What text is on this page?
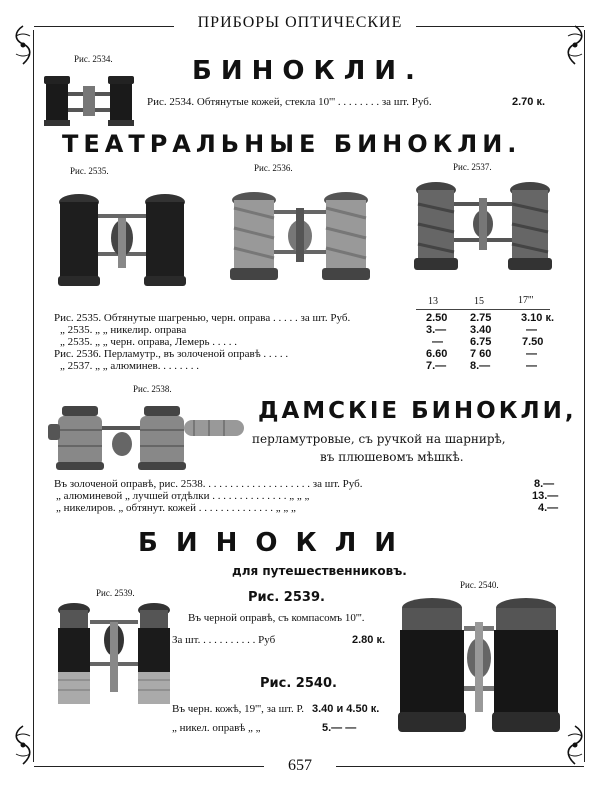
ПРИБОРЫ ОПТИЧЕСКИЕ
657
Рис. 2534.	БИНОКЛИ.
Рис. 2534. Обтянутые кожей, стекла 10''' . . . . . . . . за шт. Руб.	2.70 к.
ТЕАТРАЛЬНЫЕ БИНОКЛИ.
Рис. 2535.	Рис. 2536.	Рис. 2537.
13	15	17'''
Рис. 2535. Обтянутые шагренью, черн. оправа . . . . . за шт. Руб.	2.50 2.75	3.10 к.
„ 2535. „ „ никелир. оправа	3.— 3.40	—
„ 2535. „ „ черн. оправа, Лемерь . . . . .	— 6.75	7.50
Рис. 2536. Перламутр., въ золоченой оправѣ . . . . .	6.60 7 60	—
„ 2537. „ „ алюминев. . . . . . . .	7.— 8.—	—
Рис. 2538.
ДАМСКIЕ БИНОКЛИ,
перламутровые, съ ручкой на шарнирѣ,
въ плюшевомъ мѣшкѣ.
Въ золоченой оправѣ, рис. 2538. . . . . . . . . . . . . . . . . . . . за шт. Руб.	8.—
„ алюминевой „ лучшей отдѣлки . . . . . . . . . . . . . . „ „ „	13.—
„ никелиров. „ обтянут. кожей . . . . . . . . . . . . . . „ „ „	4.—
БИНОКЛИ
для путешественниковъ.
Рис. 2539.
Рис. 2540.
Рис. 2539.
Въ черной оправѣ, съ компасомъ 10'''.
За шт. . . . . . . . . . . Руб	2.80 к.
Рис. 2540.
Въ черн. кожѣ, 19''', за шт. Р. 3.40 и 4.50 к.
„ никел. оправѣ „ „	5.— —
